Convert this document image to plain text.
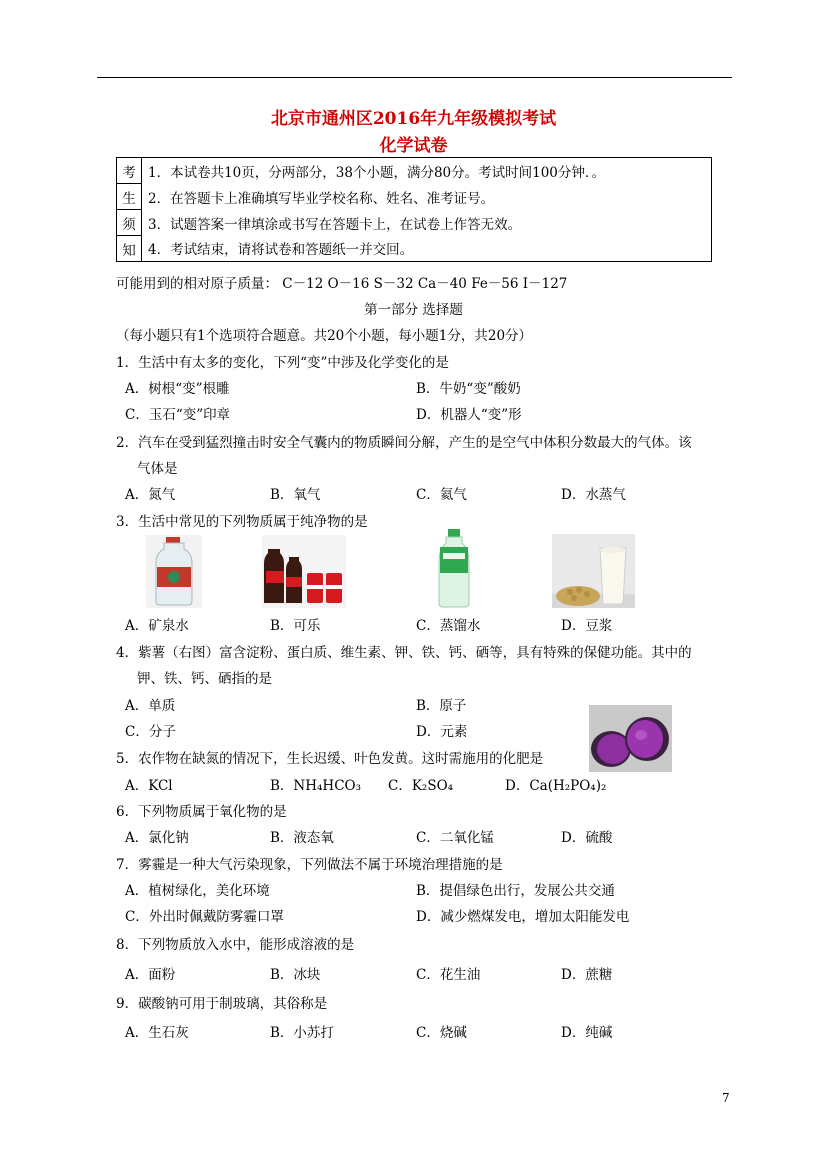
北京市通州区2016年九年级模拟考试
化学试卷
考	1．本试卷共10页，分两部分，38个小题，满分80分。考试时间100分钟．。
生	2．在答题卡上准确填写毕业学校名称、姓名、准考证号。
须	3．试题答案一律填涂或书写在答题卡上，在试卷上作答无效。
知	4．考试结束，请将试卷和答题纸一并交回。
可能用到的相对原子质量： C－12 O－16 S－32 Ca－40 Fe－56 I－127
第一部分 选择题
（每小题只有1个选项符合题意。共20个小题，每小题1分，共20分）
1．生活中有太多的变化，下列“变”中涉及化学变化的是
A．树根“变”根雕	B．牛奶“变”酸奶
C．玉石“变”印章	D．机器人“变”形
2．汽车在受到猛烈撞击时安全气囊内的物质瞬间分解，产生的是空气中体积分数最大的气体。该
气体是
A．氮气	B．氧气	C．氦气	D．水蒸气
3．生活中常见的下列物质属于纯净物的是
A．矿泉水	B．可乐	C．蒸馏水	D．豆浆
4．紫薯（右图）富含淀粉、蛋白质、维生素、钾、铁、钙、硒等，具有特殊的保健功能。其中的
钾、铁、钙、硒指的是
A．单质	B．原子
C．分子	D．元素
5．农作物在缺氮的情况下，生长迟缓、叶色发黄。这时需施用的化肥是
A．KCl	B．NH₄HCO₃ C．K₂SO₄	D．Ca(H₂PO₄)₂
6．下列物质属于氧化物的是
A．氯化钠	B．液态氧	C．二氧化锰	D．硫酸
7．雾霾是一种大气污染现象，下列做法不属于环境治理措施的是
A．植树绿化，美化环境	B．提倡绿色出行，发展公共交通
C．外出时佩戴防雾霾口罩	D．减少燃煤发电，增加太阳能发电
8．下列物质放入水中，能形成溶液的是
A．面粉	B．冰块	C．花生油	D．蔗糖
9．碳酸钠可用于制玻璃，其俗称是
A．生石灰	B．小苏打	C．烧碱	D．纯碱
7
